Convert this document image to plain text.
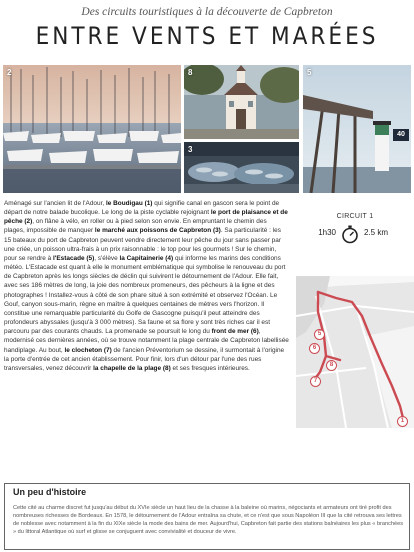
Des circuits touristiques à la découverte de Capbreton
ENTRE VENTS ET MARÉES
2	8
3
5
40

Aménagé sur l'ancien lit de l'Adour, le Boudigau (1) qui signifie canal en gascon sera le point de départ de notre balade bucolique. Le long de la piste cyclable rejoignant le port de plaisance et de pêche (2), on flâne à vélo, en roller ou à pied selon son envie. En empruntant le chemin des plages, impossible de manquer le marché aux poissons de Capbreton (3). Sa particularité : les 15 bateaux du port de Capbreton peuvent vendre directement leur pêche du jour sans passer par une criée, un poisson ultra-frais à un prix raisonnable : le top pour les gourmets ! Sur le chemin, pour se rendre à l'Estacade (5), s'élève la Capitainerie (4) qui informe les marins des conditions météo. L'Estacade est quant à elle le monument emblématique qui symbolise le renouveau du port de Capbreton après les longs siècles de déclin qui suivirent le détournement de l'Adour. Elle fait, avec ses 186 mètres de long, la joie des nombreux promeneurs, des pêcheurs à la ligne et des photographes ! Installez-vous à côté de son phare situé à son extrémité et observez l'Océan. Le Gouf, canyon sous-marin, règne en maître à quelques centaines de mètres vers l'horizon. Il constitue une remarquable particularité du Golfe de Gascogne puisqu'il peut atteindre des profondeurs abyssales (jusqu'à 3 000 mètres). Sa faune et sa flore y sont très riches car il est parcouru par des courants chauds. La promenade se poursuit le long du front de mer (6), modernisé ces dernières années, où se trouve notamment la plage centrale de Capbreton labellisée handiplage. Au bout, le clocheton (7) de l'ancien Préventorium se dessine, il surmontait à l'origine la porte d'entrée de cet ancien établissement. Pour finir, lors d'un détour par l'une des rues transversales, venez découvrir la chapelle de la plage (8) et ses fresques intérieures.

CIRCUIT 1
1h30	2.5 km
5
6
8
7
1
Un peu d'histoire

Cette cité au charme discret fut jusqu'au début du XVIe siècle un haut lieu de la chasse à la baleine où marins, négociants et armateurs ont tiré profit des nombreuses richesses de Bordeaux. En 1578, le détournement de l'Adour entraîna sa chute, et ce n'est que sous Napoléon III que la cité retrouva ses lettres de noblesse avec notamment à la fin du XIXe siècle la mode des bains de mer. Aujourd'hui, Capbreton fait partie des stations balnéaires les plus « branchées » du littoral Atlantique où surf et glisse se conjuguent avec convivialité et douceur de vivre.
